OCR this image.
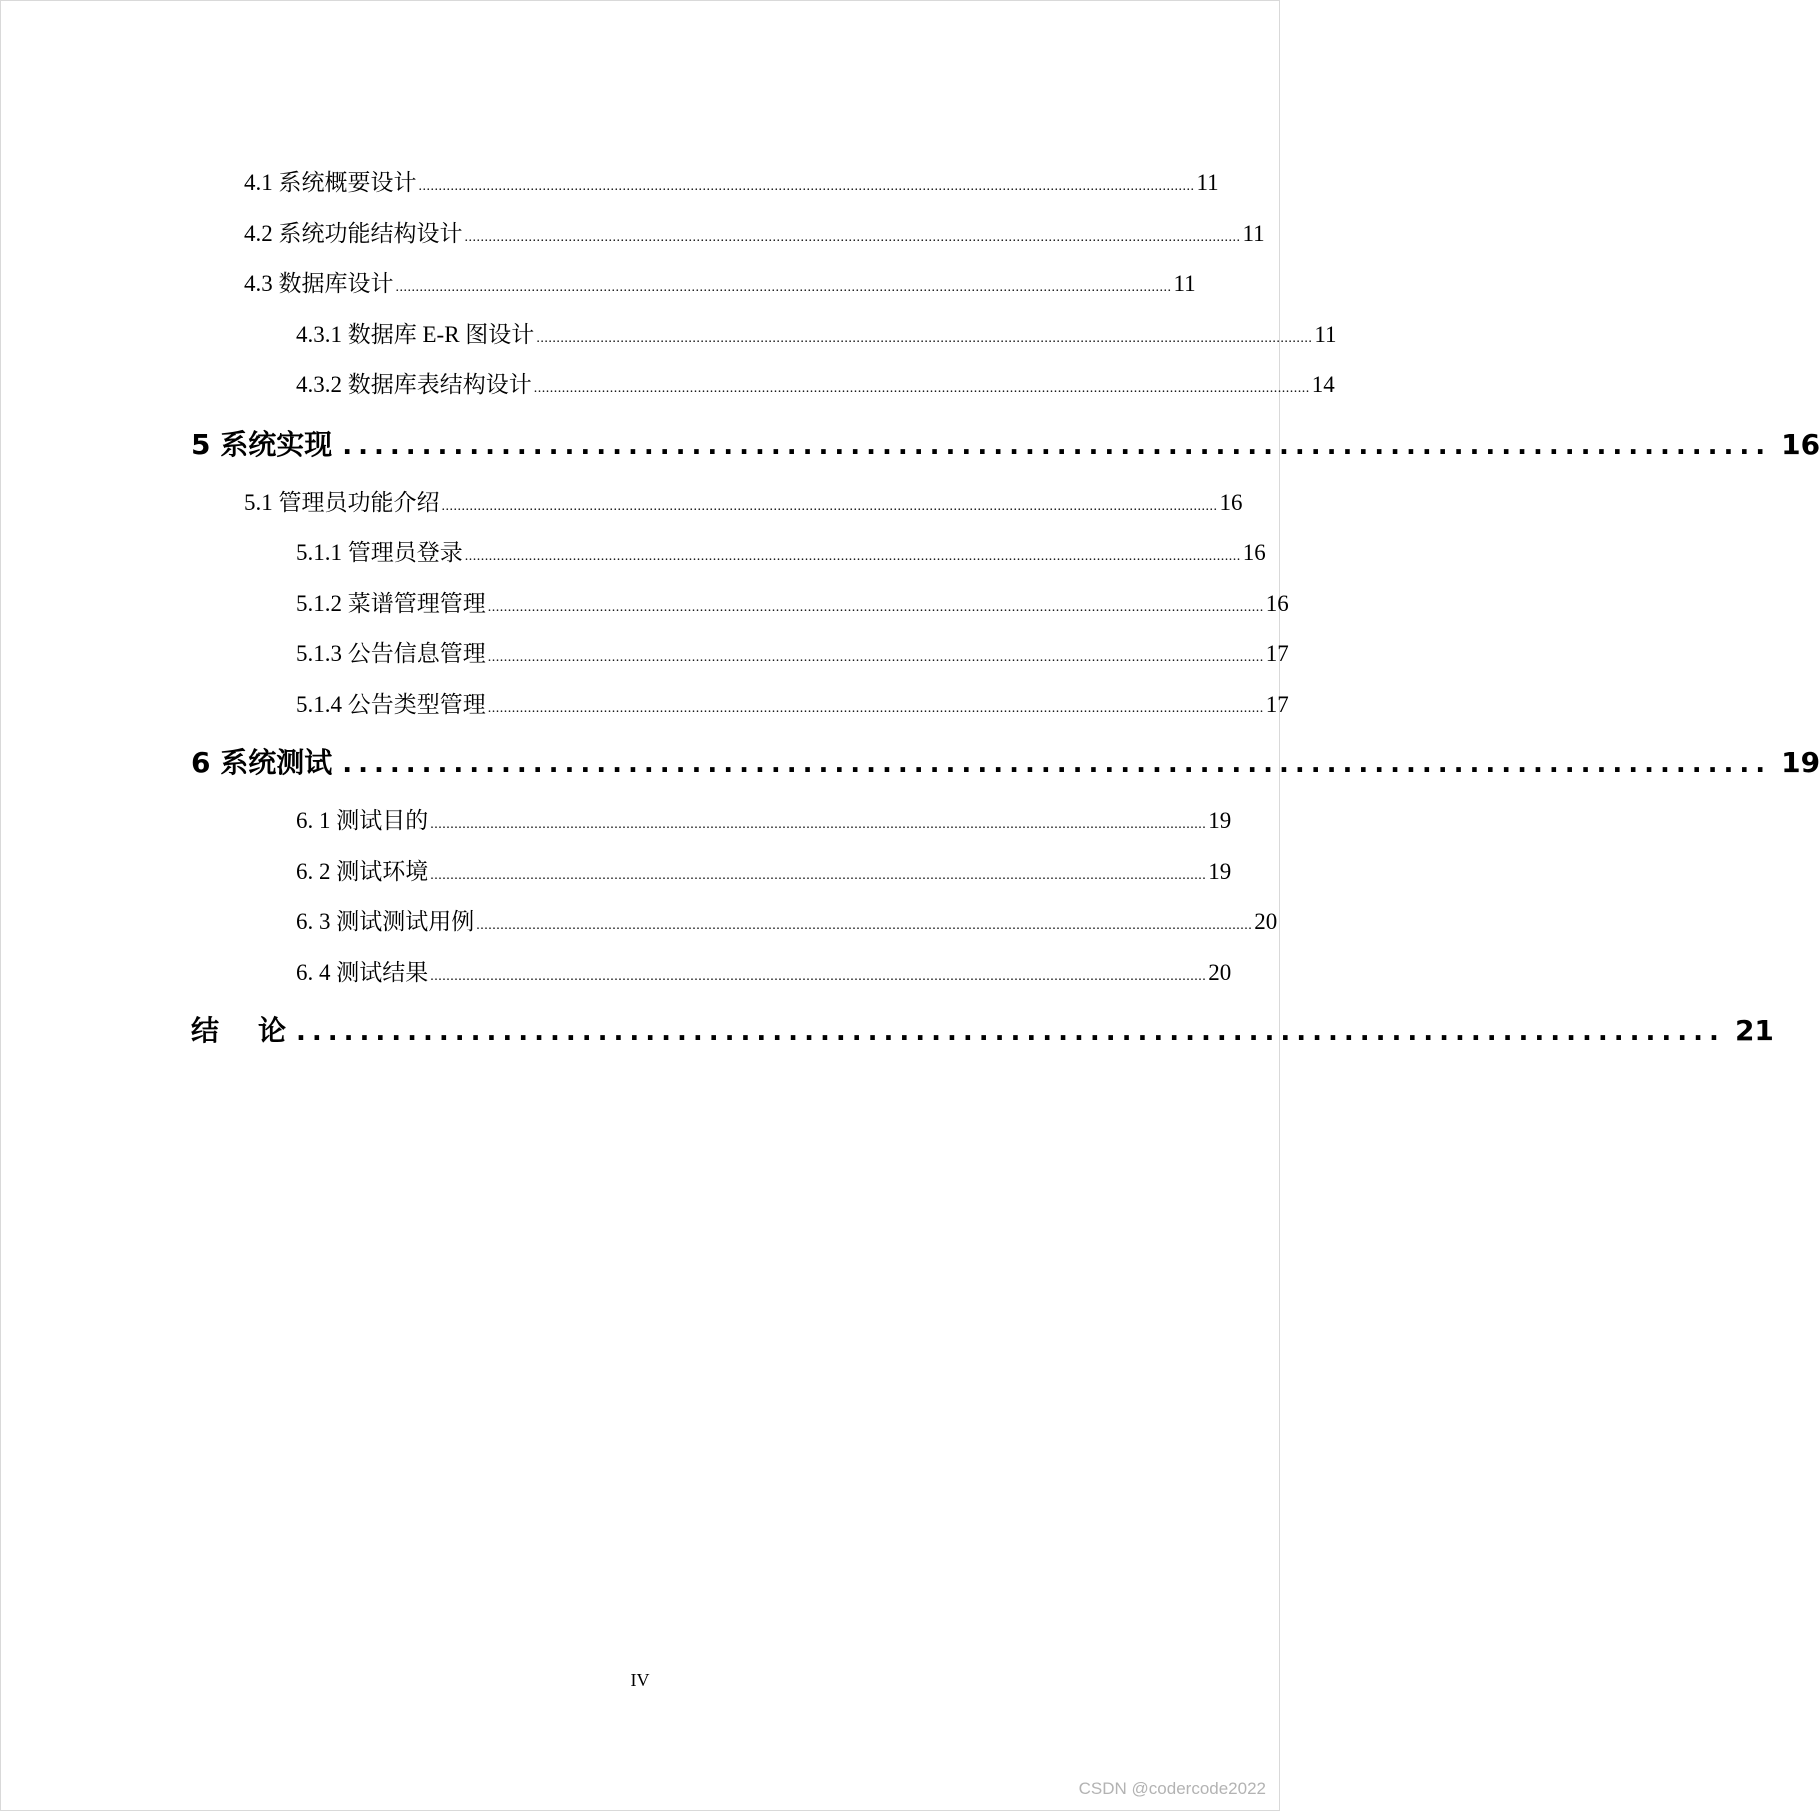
4.1 系统概要设计 .................................................................................................................................................................................................. 11
4.2 系统功能结构设计 .................................................................................................................................................................................................. 11
4.3 数据库设计 .................................................................................................................................................................................................. 11
4.3.1 数据库 E-R 图设计 .................................................................................................................................................................................................. 11
4.3.2 数据库表结构设计 .................................................................................................................................................................................................. 14
5 系统实现 .......................................................................................... 16
5.1 管理员功能介绍 .................................................................................................................................................................................................. 16
5.1.1 管理员登录 .................................................................................................................................................................................................. 16
5.1.2 菜谱管理管理 .................................................................................................................................................................................................. 16
5.1.3 公告信息管理 .................................................................................................................................................................................................. 17
5.1.4 公告类型管理 .................................................................................................................................................................................................. 17
6 系统测试 .......................................................................................... 19
6. 1 测试目的 .................................................................................................................................................................................................. 19
6. 2 测试环境 .................................................................................................................................................................................................. 19
6. 3 测试测试用例 .................................................................................................................................................................................................. 20
6. 4 测试结果 .................................................................................................................................................................................................. 20
结    论 .......................................................................................... 21
IV
CSDN @codercode2022
